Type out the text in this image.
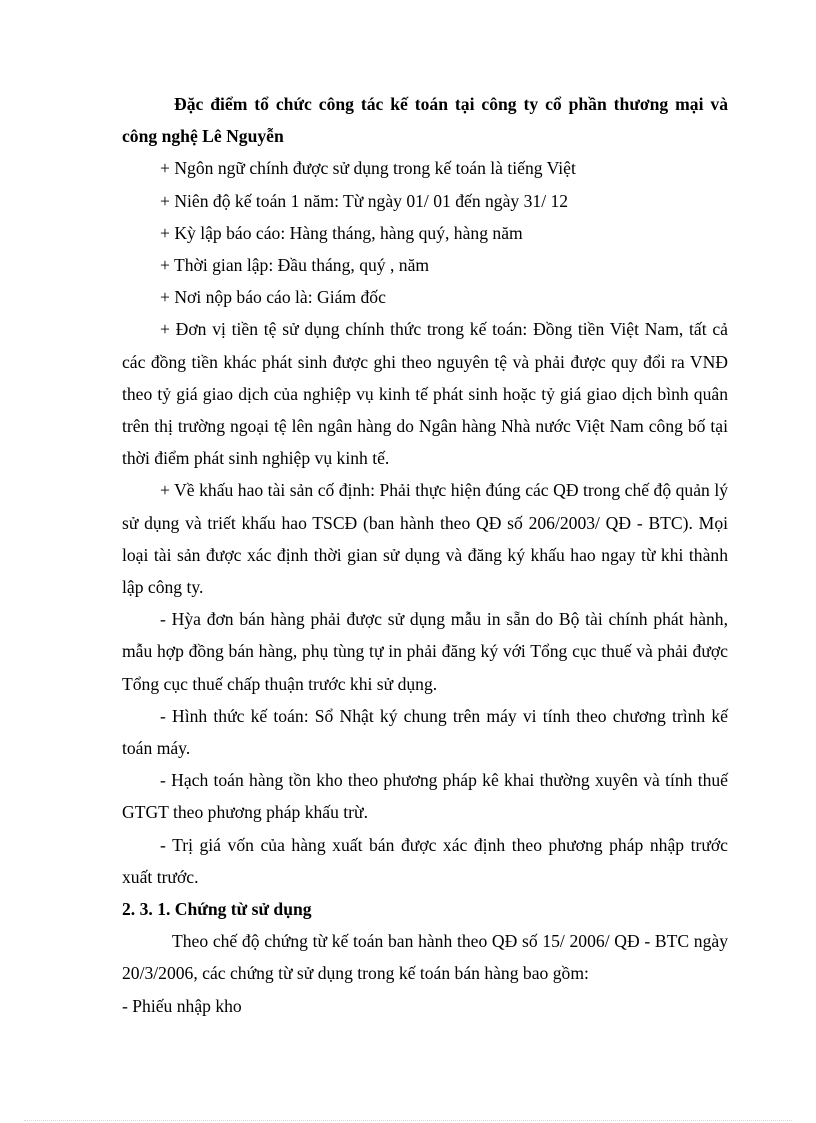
Đặc điểm tổ chức công tác kế toán tại công ty cổ phần thương mại và công nghệ Lê Nguyễn

+ Ngôn ngữ chính được sử dụng trong kế toán là tiếng Việt

+ Niên độ kế toán 1 năm: Từ ngày 01/ 01 đến ngày 31/ 12

+ Kỳ lập báo cáo: Hàng tháng, hàng quý, hàng năm

+ Thời gian lập: Đầu tháng, quý , năm

+ Nơi nộp báo cáo là: Giám đốc

+ Đơn vị tiền tệ sử dụng chính thức trong kế toán: Đồng tiền Việt Nam, tất cả các đồng tiền khác phát sinh được ghi theo nguyên tệ và phải được quy đổi ra VNĐ theo tỷ giá giao dịch của nghiệp vụ kinh tế phát sinh hoặc tỷ giá giao dịch bình quân trên thị trường ngoại tệ lên ngân hàng do Ngân hàng Nhà nước Việt Nam công bố tại thời điểm phát sinh nghiệp vụ kinh tế.

+ Về khấu hao tài sản cố định: Phải thực hiện đúng các QĐ trong chế độ quản lý sử dụng và triết khấu hao TSCĐ (ban hành theo QĐ số 206/2003/ QĐ - BTC). Mọi loại tài sản được xác định thời gian sử dụng và đăng ký khấu hao ngay từ khi thành lập công ty.

- Hỳa đơn bán hàng phải được sử dụng mẫu in sẵn do Bộ tài chính phát hành, mẫu hợp đồng bán hàng, phụ tùng tự in phải đăng ký với Tổng cục thuế và phải được Tổng cục thuế chấp thuận trước khi sử dụng.

- Hình thức kế toán: Sổ Nhật ký chung trên máy vi tính theo chương trình kế toán máy.

- Hạch toán hàng tồn kho theo phương pháp kê khai thường xuyên và tính thuế GTGT theo phương pháp khấu trừ.

- Trị giá vốn của hàng xuất bán được xác định theo phương pháp nhập trước xuất trước.

2. 3. 1. Chứng từ sử dụng

Theo chế độ chứng từ kế toán ban hành theo QĐ số 15/ 2006/ QĐ - BTC ngày 20/3/2006, các chứng từ sử dụng trong kế toán bán hàng bao gồm:

- Phiếu nhập kho
